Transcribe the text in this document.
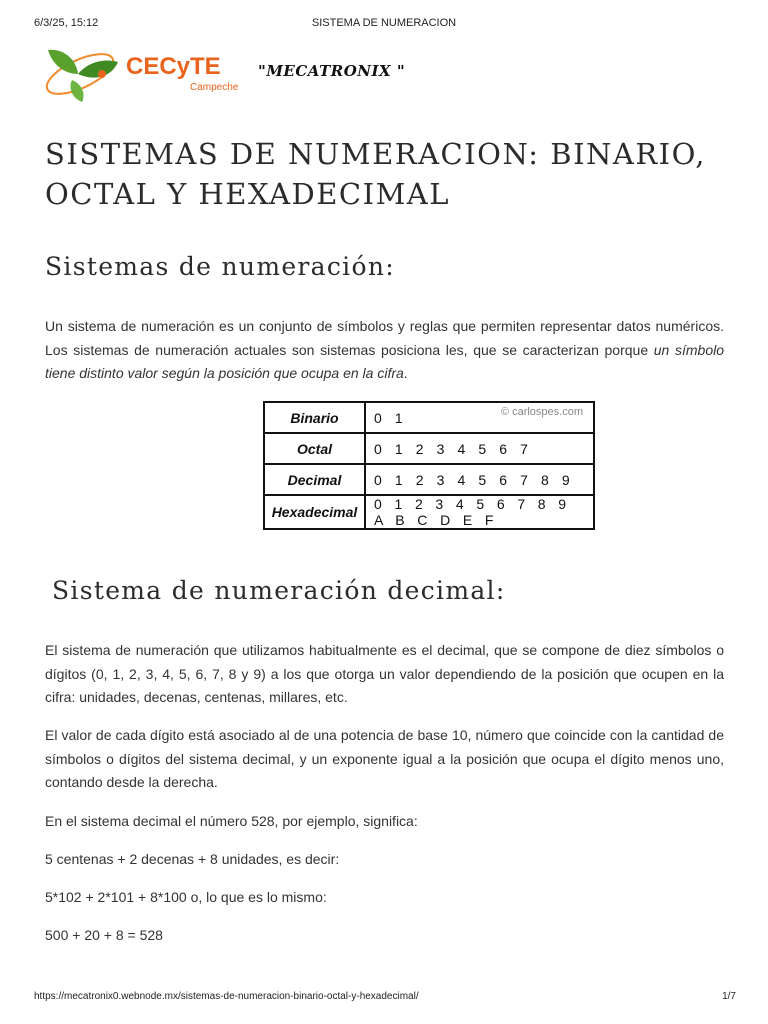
6/3/25, 15:12	SISTEMA DE NUMERACION
CECyTE
Campeche
"MECATRONIX "
SISTEMAS DE NUMERACION: BINARIO, OCTAL Y HEXADECIMAL
Sistemas de numeración:

Un sistema de numeración es un conjunto de símbolos y reglas que permiten representar datos numéricos. Los sistemas de numeración actuales son sistemas posiciona les, que se caracterizan porque un símbolo tiene distinto valor según la posición que ocupa en la cifra.

Binario	0 1 © carlospes.com

Octal	0 1 2 3 4 5 6 7
Decimal	0 1 2 3 4 5 6 7 8 9
Hexadecimal	0 1 2 3 4 5 6 7 8 9 A B C D E F
Sistema de numeración decimal:

El sistema de numeración que utilizamos habitualmente es el decimal, que se compone de diez símbolos o dígitos (0, 1, 2, 3, 4, 5, 6, 7, 8 y 9) a los que otorga un valor dependiendo de la posición que ocupen en la cifra: unidades, decenas, centenas, millares, etc.

El valor de cada dígito está asociado al de una potencia de base 10, número que coincide con la cantidad de símbolos o dígitos del sistema decimal, y un exponente igual a la posición que ocupa el dígito menos uno, contando desde la derecha.

En el sistema decimal el número 528, por ejemplo, significa:

5 centenas + 2 decenas + 8 unidades, es decir:

5*102 + 2*101 + 8*100 o, lo que es lo mismo:

500 + 20 + 8 = 528

https://mecatronix0.webnode.mx/sistemas-de-numeracion-binario-octal-y-hexadecimal/	1/7
